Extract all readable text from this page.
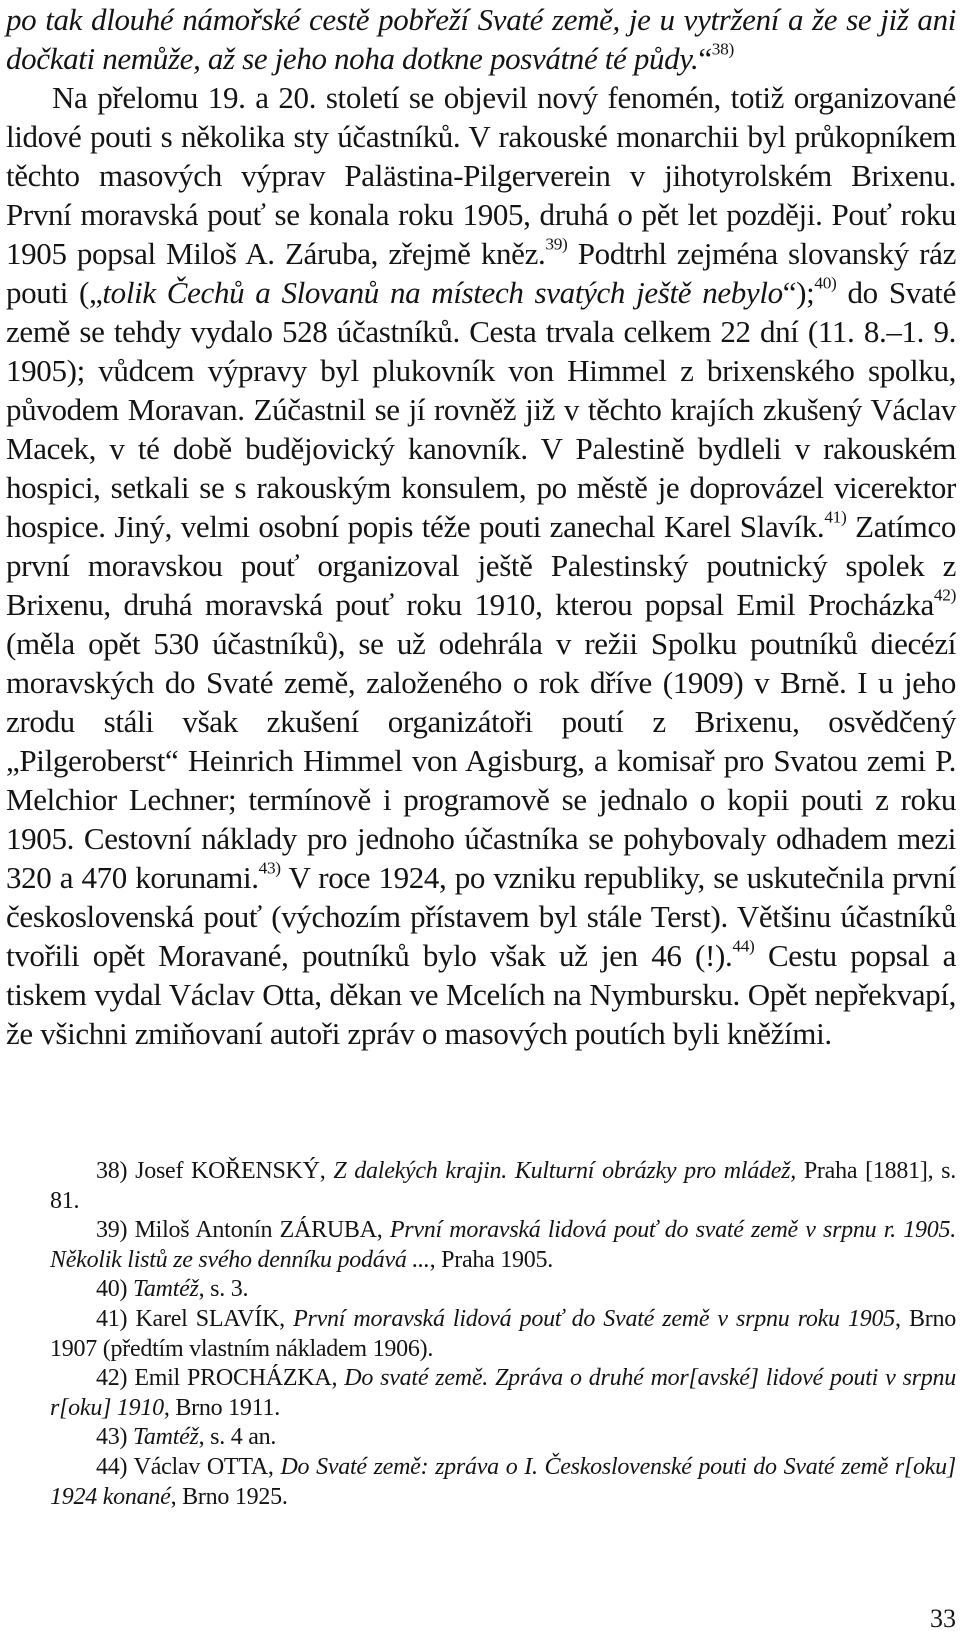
po tak dlouhé námořské cestě pobřeží Svaté země, je u vytržení a že se již ani dočkati nemůže, až se jeho noha dotkne posvátné té půdy.“$^{38)}$

Na přelomu 19. a 20. století se objevil nový fenomén, totiž organizované lidové pouti s několika sty účastníků. V rakouské monarchii byl průkopníkem těchto masových výprav Palästina-Pilgerverein v jihotyrolském Brixenu. První moravská pouť se konala roku 1905, druhá o pět let později. Pouť roku 1905 popsal Miloš A. Záruba, zřejmě kněz.$^{39)}$ Podtrhl zejména slovanský ráz pouti („tolik Čechů a Slovanů na místech svatých ještě nebylo“);$^{40)}$ do Svaté země se tehdy vydalo 528 účastníků. Cesta trvala celkem 22 dní (11. 8.–1. 9. 1905); vůdcem výpravy byl plukovník von Himmel z brixenského spolku, původem Moravan. Zúčastnil se jí rovněž již v těchto krajích zkušený Václav Macek, v té době budějovický kanovník. V Palestině bydleli v rakouském hospici, setkali se s rakouským konsulem, po městě je doprovázel vicerektor hospice. Jiný, velmi osobní popis téže pouti zanechal Karel Slavík.$^{41)}$ Zatímco první moravskou pouť organizoval ještě Palestinský poutnický spolek z Brixenu, druhá moravská pouť roku 1910, kterou popsal Emil Procházka$^{42)}$ (měla opět 530 účastníků), se už odehrála v režii Spolku poutníků diecézí moravských do Svaté země, založeného o rok dříve (1909) v Brně. I u jeho zrodu stáli však zkušení organizátoři poutí z Brixenu, osvědčený „Pilgeroberst“ Heinrich Himmel von Agisburg, a komisař pro Svatou zemi P. Melchior Lechner; termínově i programově se jednalo o kopii pouti z roku 1905. Cestovní náklady pro jednoho účastníka se pohybovaly odhadem mezi 320 a 470 korunami.$^{43)}$ V roce 1924, po vzniku republiky, se uskutečnila první československá pouť (výchozím přístavem byl stále Terst). Většinu účastníků tvořili opět Moravané, poutníků bylo však už jen 46 (!).$^{44)}$ Cestu popsal a tiskem vydal Václav Otta, děkan ve Mcelích na Nymbursku. Opět nepřekvapí, že všichni zmiňovaní autoři zpráv o masových poutích byli kněžími.

38) Josef KOŘENSKÝ, Z dalekých krajin. Kulturní obrázky pro mládež, Praha [1881], s. 81.

39) Miloš Antonín ZÁRUBA, První moravská lidová pouť do svaté země v srpnu r. 1905. Několik listů ze svého denníku podává ..., Praha 1905.

40) Tamtéž, s. 3.

41) Karel SLAVÍK, První moravská lidová pouť do Svaté země v srpnu roku 1905, Brno 1907 (předtím vlastním nákladem 1906).

42) Emil PROCHÁZKA, Do svaté země. Zpráva o druhé mor[avské] lidové pouti v srpnu r[oku] 1910, Brno 1911.

43) Tamtéž, s. 4 an.

44) Václav OTTA, Do Svaté země: zpráva o I. Československé pouti do Svaté země r[oku] 1924 konané, Brno 1925.

33
